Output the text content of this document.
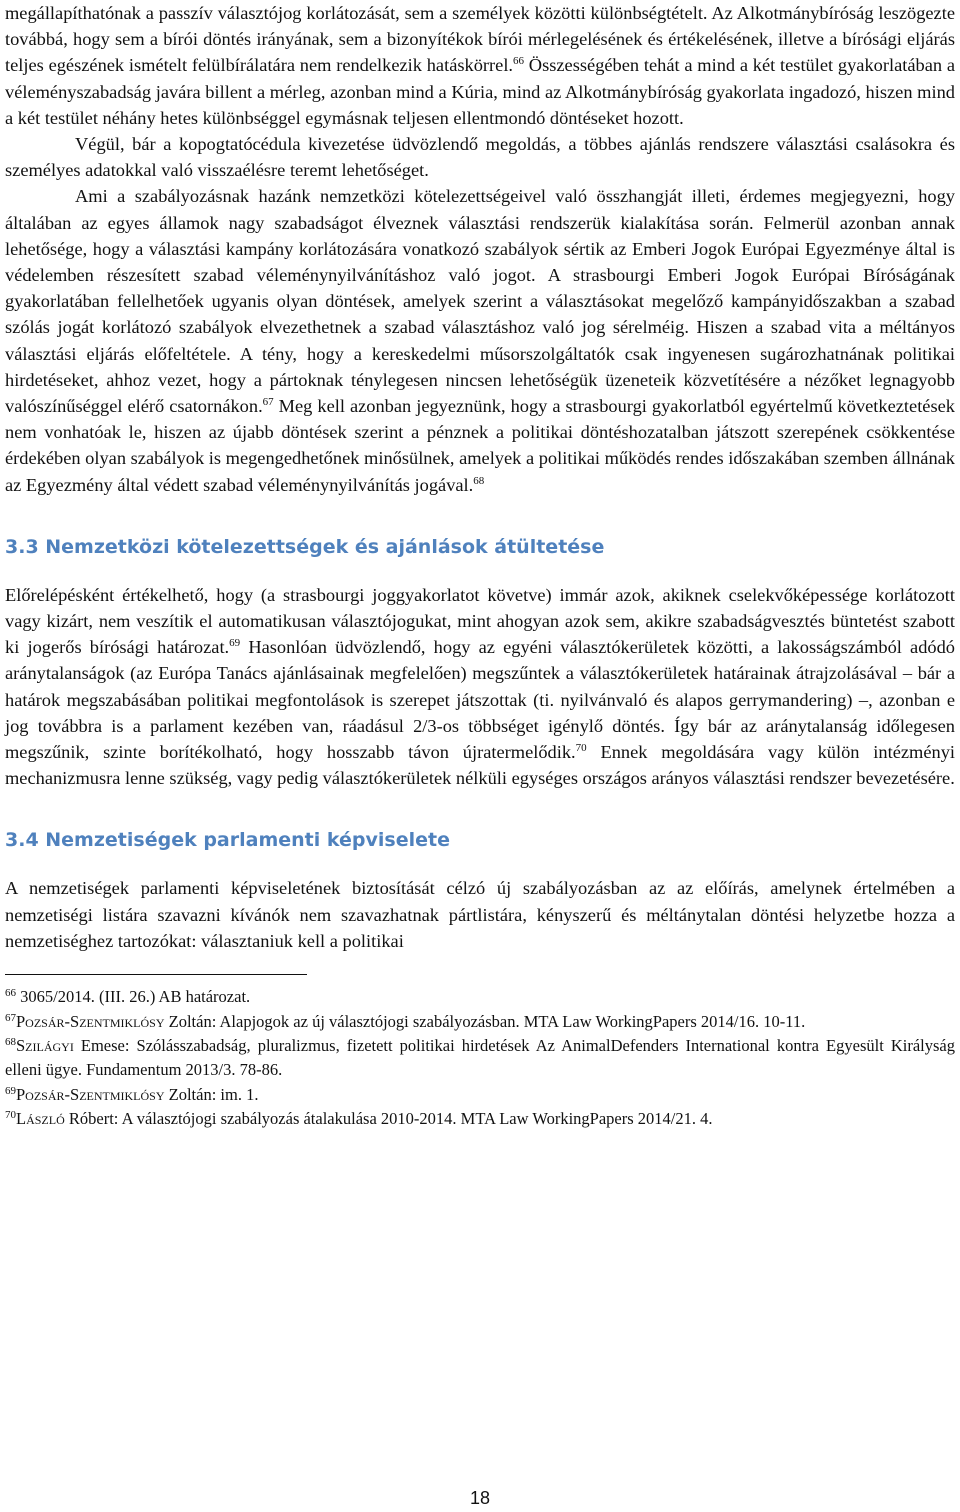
megállapíthatónak a passzív választójog korlátozását, sem a személyek közötti különbségtételt. Az Alkotmánybíróság leszögezte továbbá, hogy sem a bírói döntés irányának, sem a bizonyítékok bírói mérlegelésének és értékelésének, illetve a bírósági eljárás teljes egészének ismételt felülbírálatára nem rendelkezik hatáskörrel.$^{66}$ Összességében tehát a mind a két testület gyakorlatában a véleményszabadság javára billent a mérleg, azonban mind a Kúria, mind az Alkotmánybíróság gyakorlata ingadozó, hiszen mind a két testület néhány hetes különbséggel egymásnak teljesen ellentmondó döntéseket hozott.

Végül, bár a kopogtatócédula kivezetése üdvözlendő megoldás, a többes ajánlás rendszere választási csalásokra és személyes adatokkal való visszaélésre teremt lehetőséget.

Ami a szabályozásnak hazánk nemzetközi kötelezettségeivel való összhangját illeti, érdemes megjegyezni, hogy általában az egyes államok nagy szabadságot élveznek választási rendszerük kialakítása során. Felmerül azonban annak lehetősége, hogy a választási kampány korlátozására vonatkozó szabályok sértik az Emberi Jogok Európai Egyezménye által is védelemben részesített szabad véleménynyilvánításhoz való jogot. A strasbourgi Emberi Jogok Európai Bíróságának gyakorlatában fellelhetőek ugyanis olyan döntések, amelyek szerint a választásokat megelőző kampányidőszakban a szabad szólás jogát korlátozó szabályok elvezethetnek a szabad választáshoz való jog sérelméig. Hiszen a szabad vita a méltányos választási eljárás előfeltétele. A tény, hogy a kereskedelmi műsorszolgáltatók csak ingyenesen sugározhatnának politikai hirdetéseket, ahhoz vezet, hogy a pártoknak ténylegesen nincsen lehetőségük üzeneteik közvetítésére a nézőket legnagyobb valószínűséggel elérő csatornákon.$^{67}$ Meg kell azonban jegyeznünk, hogy a strasbourgi gyakorlatból egyértelmű következtetések nem vonhatóak le, hiszen az újabb döntések szerint a pénznek a politikai döntéshozatalban játszott szerepének csökkentése érdekében olyan szabályok is megengedhetőnek minősülnek, amelyek a politikai működés rendes időszakában szemben állnának az Egyezmény által védett szabad véleménynyilvánítás jogával.$^{68}$

3.3 Nemzetközi kötelezettségek és ajánlások átültetése

Előrelépésként értékelhető, hogy (a strasbourgi joggyakorlatot követve) immár azok, akiknek cselekvőképessége korlátozott vagy kizárt, nem veszítik el automatikusan választójogukat, mint ahogyan azok sem, akikre szabadságvesztés büntetést szabott ki jogerős bírósági határozat.$^{69}$ Hasonlóan üdvözlendő, hogy az egyéni választókerületek közötti, a lakosságszámból adódó aránytalanságok (az Európa Tanács ajánlásainak megfelelően) megszűntek a választókerületek határainak átrajzolásával – bár a határok megszabásában politikai megfontolások is szerepet játszottak (ti. nyilvánvaló és alapos gerrymandering) –, azonban e jog továbbra is a parlament kezében van, ráadásul 2/3-os többséget igénylő döntés. Így bár az aránytalanság időlegesen megszűnik, szinte borítékolható, hogy hosszabb távon újratermelődik.$^{70}$ Ennek megoldására vagy külön intézményi mechanizmusra lenne szükség, vagy pedig választókerületek nélküli egységes országos arányos választási rendszer bevezetésére.

3.4 Nemzetiségek parlamenti képviselete

A nemzetiségek parlamenti képviseletének biztosítását célzó új szabályozásban az az előírás, amelynek értelmében a nemzetiségi listára szavazni kívánók nem szavazhatnak pártlistára, kényszerű és méltánytalan döntési helyzetbe hozza a nemzetiséghez tartozókat: választaniuk kell a politikai

$^{66}$ 3065/2014. (III. 26.) AB határozat.

$^{67}$Pozsár-Szentmiklósy Zoltán: Alapjogok az új választójogi szabályozásban. MTA Law WorkingPapers 2014/16. 10-11.

$^{68}$Szilágyi Emese: Szólásszabadság, pluralizmus, fizetett politikai hirdetések Az AnimalDefenders International kontra Egyesült Királyság elleni ügye. Fundamentum 2013/3. 78-86.

$^{69}$Pozsár-Szentmiklósy Zoltán: im. 1.

$^{70}$László Róbert: A választójogi szabályozás átalakulása 2010-2014. MTA Law WorkingPapers 2014/21. 4.

18
